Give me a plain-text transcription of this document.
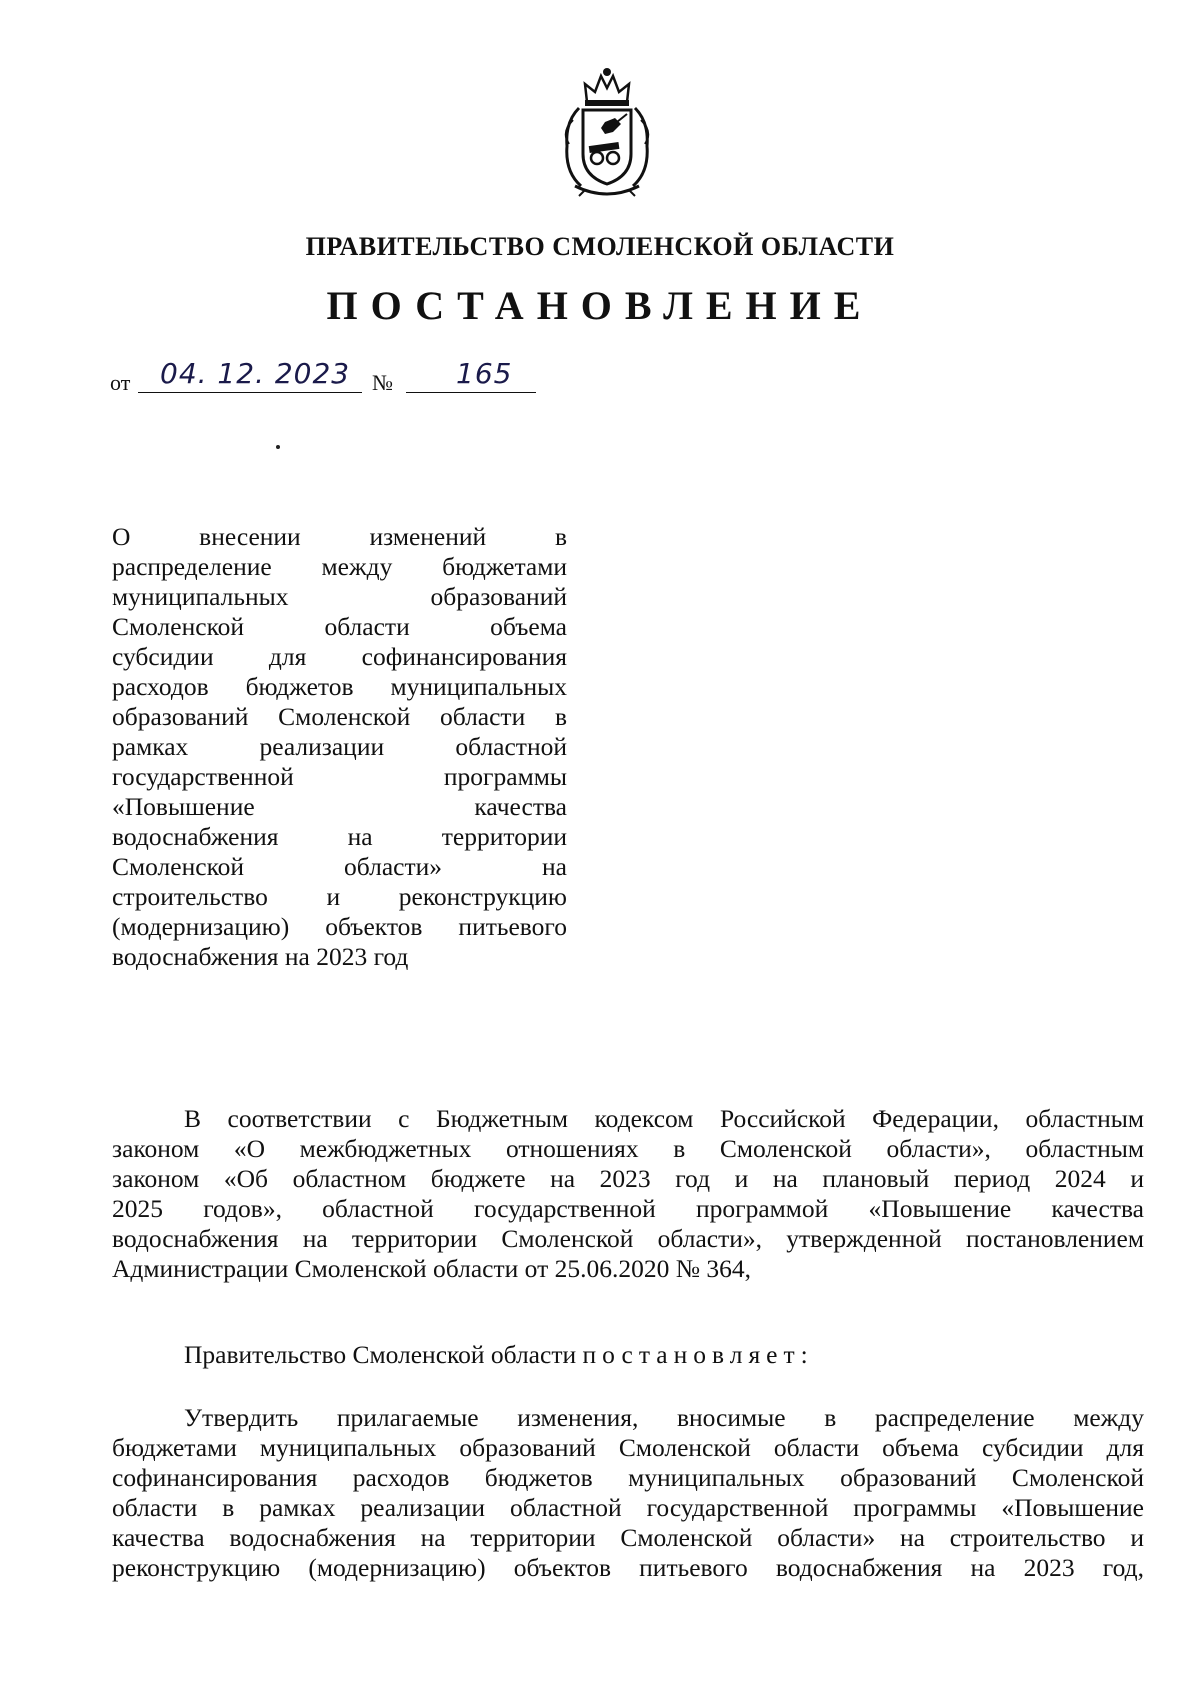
ПРАВИТЕЛЬСТВО СМОЛЕНСКОЙ ОБЛАСТИ
ПОСТАНОВЛЕНИЕ
от 04. 12. 2023 № 165
О внесении изменений в
распределение между бюджетами
муниципальных образований
Смоленской области объема
субсидии для софинансирования
расходов бюджетов муниципальных
образований Смоленской области в
рамках реализации областной
государственной программы
«Повышение качества
водоснабжения на территории
Смоленской области» на
строительство и реконструкцию
(модернизацию) объектов питьевого
водоснабжения на 2023 год
В соответствии с Бюджетным кодексом Российской Федерации, областным
законом «О межбюджетных отношениях в Смоленской области», областным
законом «Об областном бюджете на 2023 год и на плановый период 2024 и
2025 годов», областной государственной программой «Повышение качества
водоснабжения на территории Смоленской области», утвержденной постановлением
Администрации Смоленской области от 25.06.2020 № 364,
Правительство Смоленской области постановляет:
Утвердить прилагаемые изменения, вносимые в распределение между
бюджетами муниципальных образований Смоленской области объема субсидии для
софинансирования расходов бюджетов муниципальных образований Смоленской
области в рамках реализации областной государственной программы «Повышение
качества водоснабжения на территории Смоленской области» на строительство и
реконструкцию (модернизацию) объектов питьевого водоснабжения на 2023 год,
